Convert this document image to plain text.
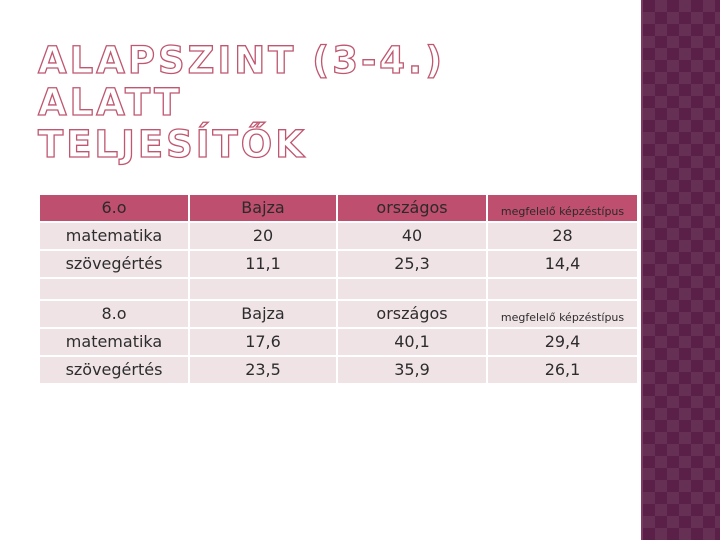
ALAPSZINT (3-4.) ALATT
TELJESÍTŐK
6.o	Bajza	országos	megfelelő képzéstípus
matematika	20	40	28
szövegértés	11,1	25,3	14,4

8.o	Bajza	országos	megfelelő képzéstípus
matematika	17,6	40,1	29,4
szövegértés	23,5	35,9	26,1
